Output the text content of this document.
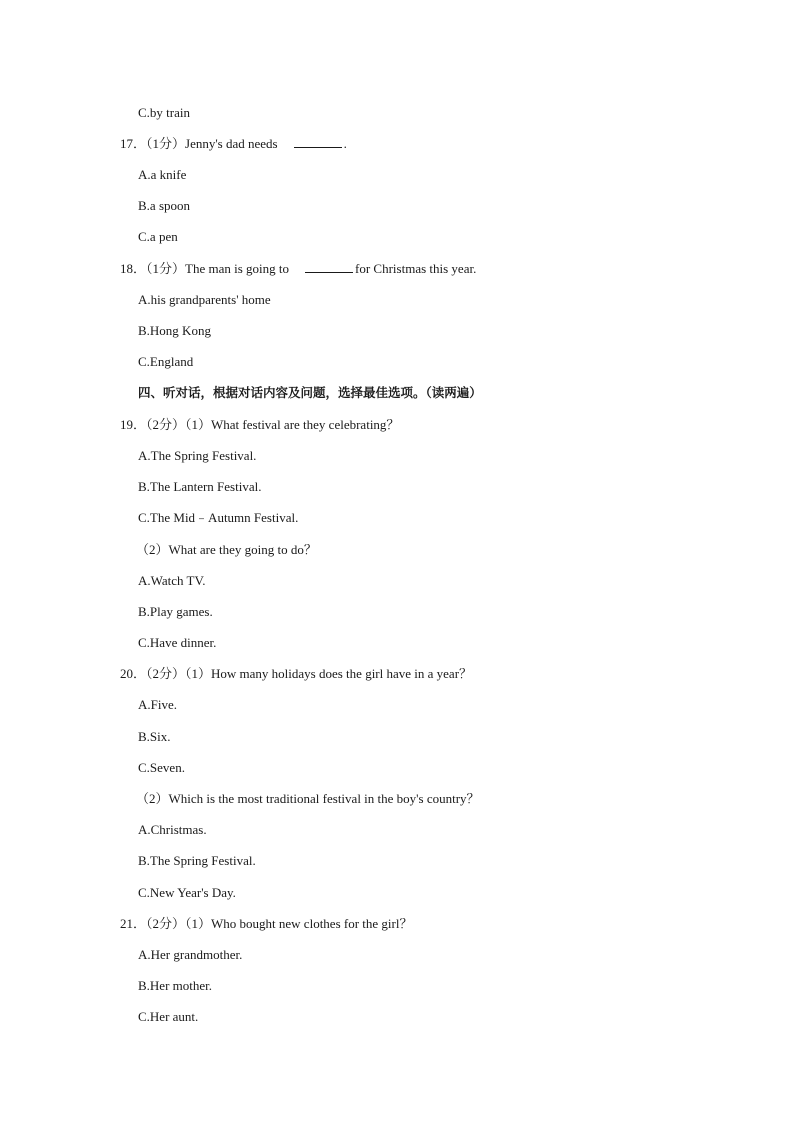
C.by train
17．（1分）Jenny's dad needs	.
A.a knife
B.a spoon
C.a pen
18．（1分）The man is going to	for Christmas this year.
A.his grandparents' home
B.Hong Kong
C.England
四、听对话，根据对话内容及问题，选择最佳选项。（读两遍）
19．（2分）（1）What festival are they celebrating？
A.The Spring Festival.
B.The Lantern Festival.
C.The Mid﹣Autumn Festival.
（2）What are they going to do？
A.Watch TV.
B.Play games.
C.Have dinner.
20．（2分）（1）How many holidays does the girl have in a year？
A.Five.
B.Six.
C.Seven.
（2）Which is the most traditional festival in the boy's country？
A.Christmas.
B.The Spring Festival.
C.New Year's Day.
21．（2分）（1）Who bought new clothes for the girl？
A.Her grandmother.
B.Her mother.
C.Her aunt.
